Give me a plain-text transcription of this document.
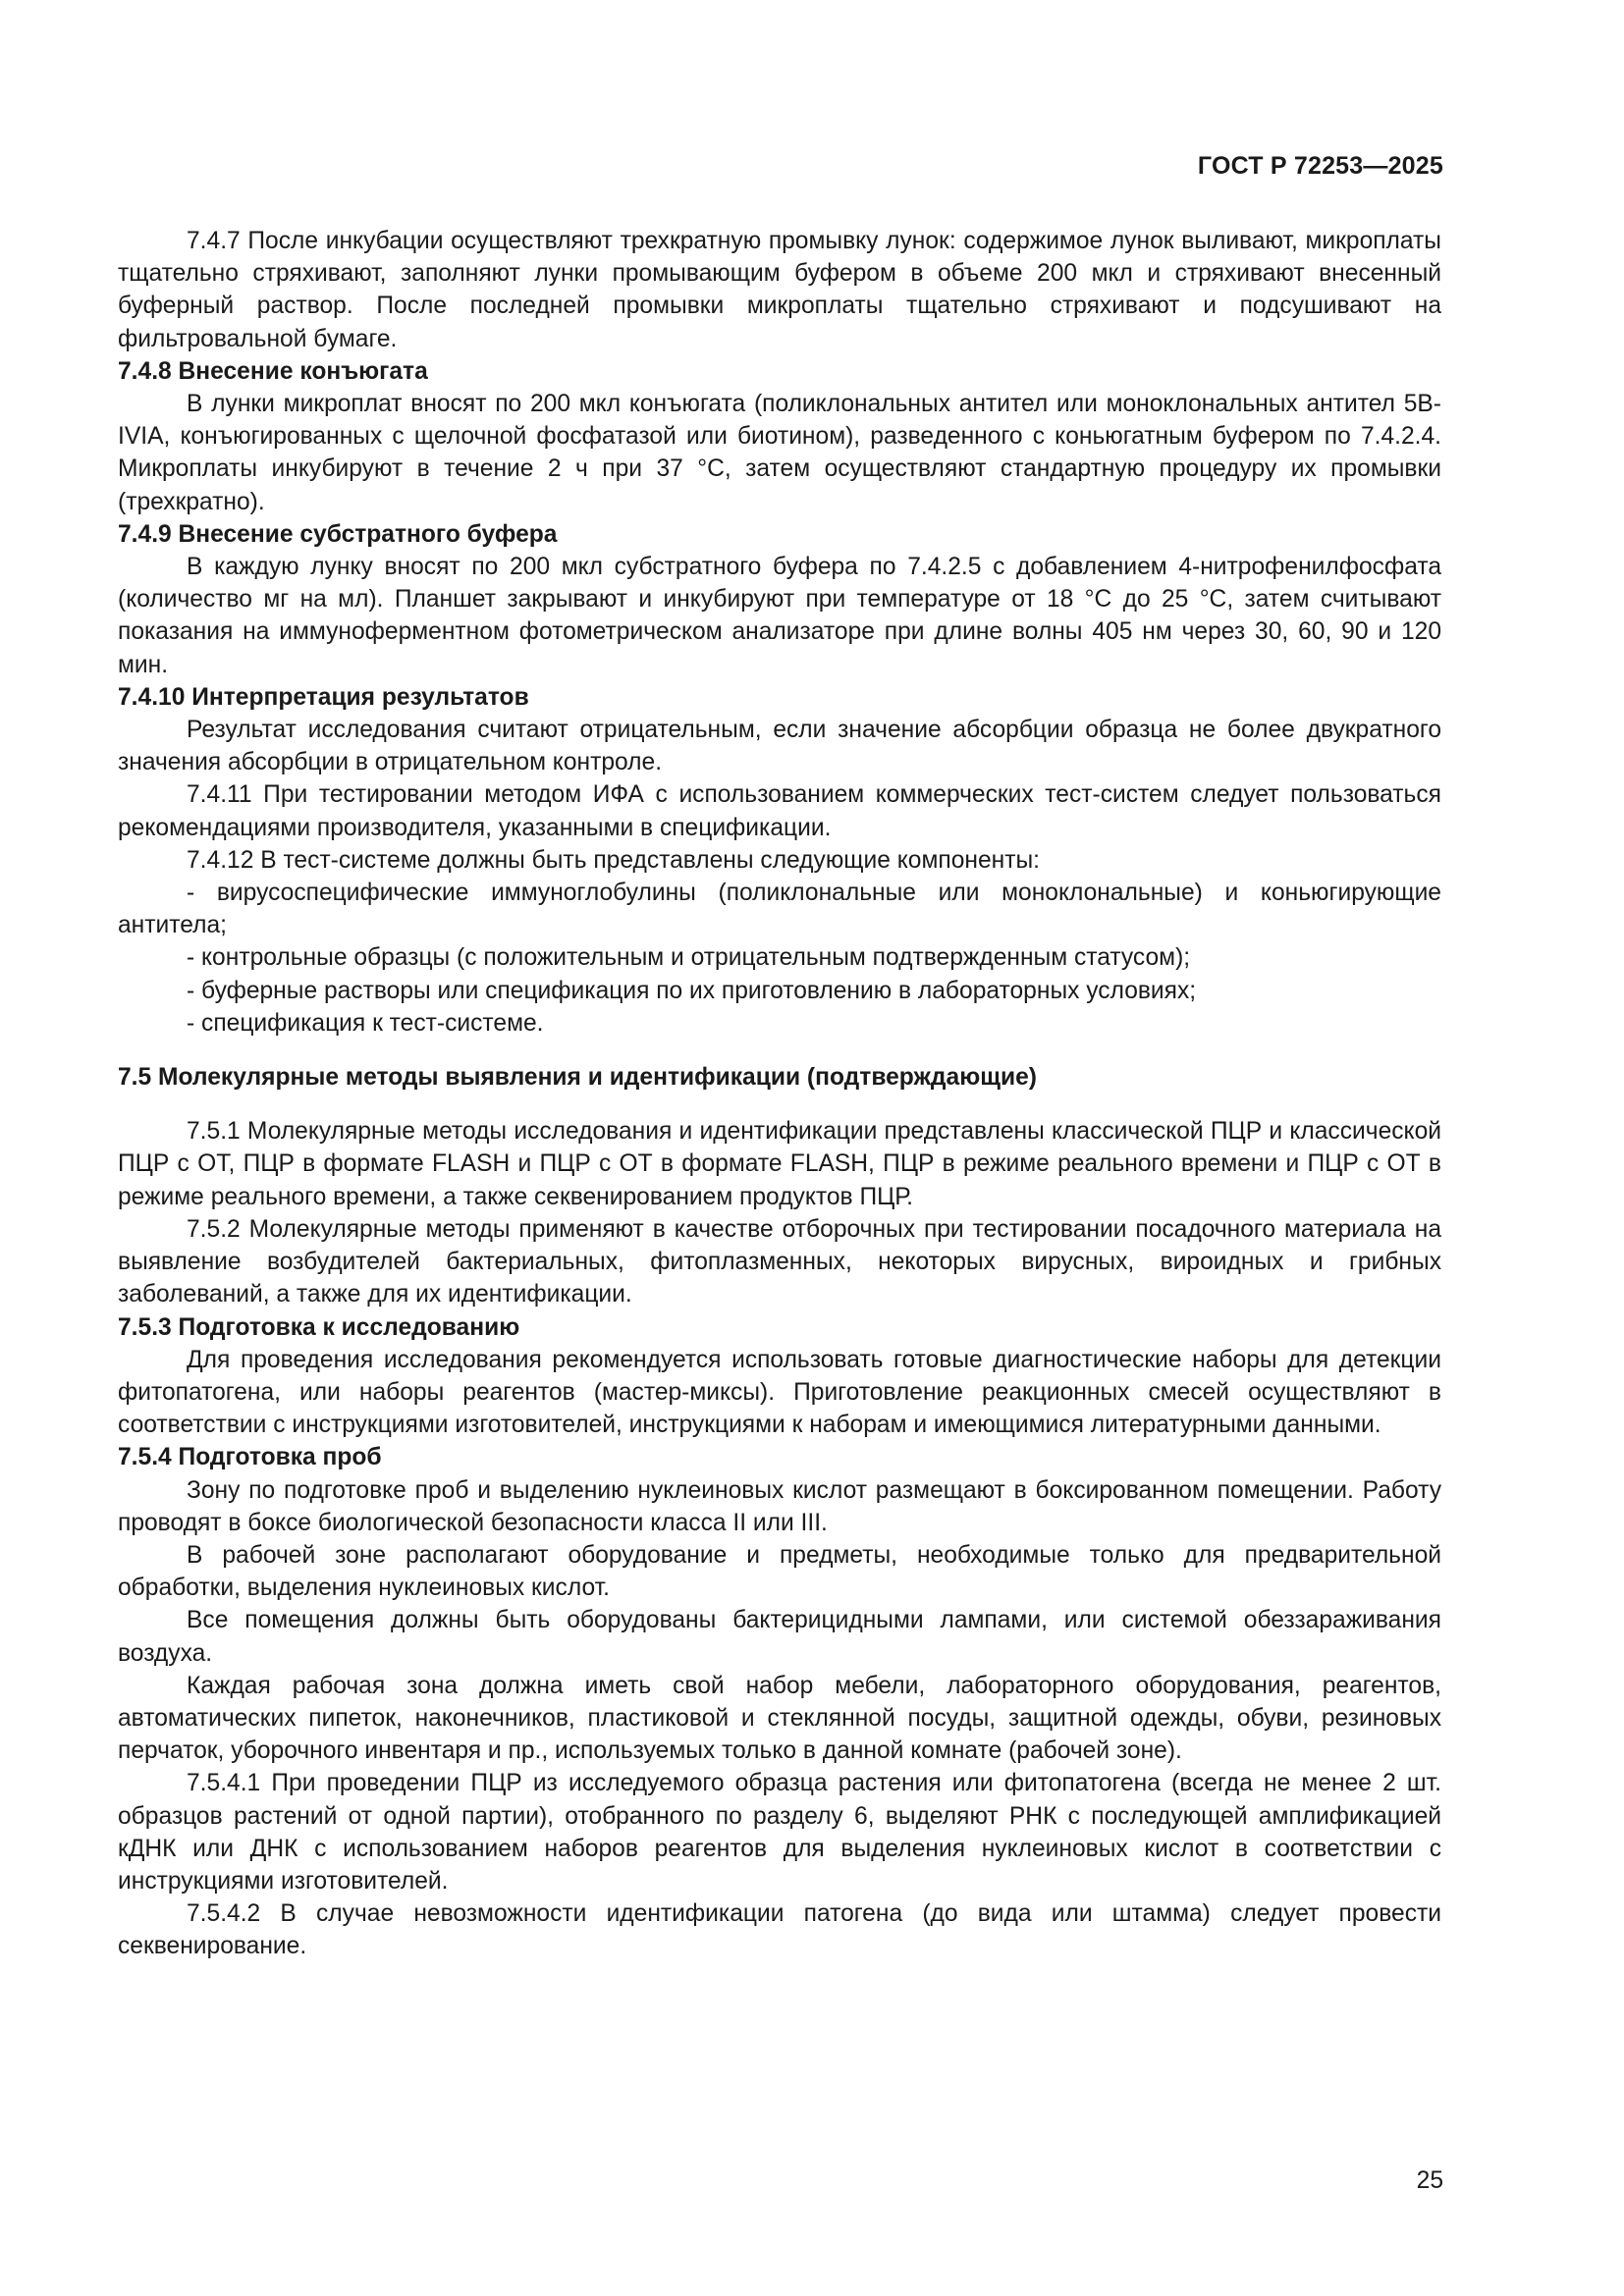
ГОСТ Р 72253—2025

7.4.7 После инкубации осуществляют трехкратную промывку лунок: содержимое лунок выливают, микроплаты тщательно стряхивают, заполняют лунки промывающим буфером в объеме 200 мкл и стряхивают внесенный буферный раствор. После последней промывки микроплаты тщательно стряхивают и подсушивают на фильтровальной бумаге.

7.4.8 Внесение конъюгата

В лунки микроплат вносят по 200 мкл конъюгата (поликлональных антител или моноклональных антител 5B-IVIA, конъюгированных с щелочной фосфатазой или биотином), разведенного с коньюгатным буфером по 7.4.2.4. Микроплаты инкубируют в течение 2 ч при 37 °С, затем осуществляют стандартную процедуру их промывки (трехкратно).

7.4.9 Внесение субстратного буфера

В каждую лунку вносят по 200 мкл субстратного буфера по 7.4.2.5 с добавлением 4-нитрофенилфосфата (количество мг на мл). Планшет закрывают и инкубируют при температуре от 18 °С до 25 °С, затем считывают показания на иммуноферментном фотометрическом анализаторе при длине волны 405 нм через 30, 60, 90 и 120 мин.

7.4.10 Интерпретация результатов

Результат исследования считают отрицательным, если значение абсорбции образца не более двукратного значения абсорбции в отрицательном контроле.

7.4.11 При тестировании методом ИФА с использованием коммерческих тест-систем следует пользоваться рекомендациями производителя, указанными в спецификации.

7.4.12 В тест-системе должны быть представлены следующие компоненты:

- вирусоспецифические иммуноглобулины (поликлональные или моноклональные) и коньюгирующие антитела;

- контрольные образцы (с положительным и отрицательным подтвержденным статусом);

- буферные растворы или спецификация по их приготовлению в лабораторных условиях;

- спецификация к тест-системе.

7.5 Молекулярные методы выявления и идентификации (подтверждающие)

7.5.1 Молекулярные методы исследования и идентификации представлены классической ПЦР и классической ПЦР с ОТ, ПЦР в формате FLASH и ПЦР с ОТ в формате FLASH, ПЦР в режиме реального времени и ПЦР с ОТ в режиме реального времени, а также секвенированием продуктов ПЦР.

7.5.2 Молекулярные методы применяют в качестве отборочных при тестировании посадочного материала на выявление возбудителей бактериальных, фитоплазменных, некоторых вирусных, вироидных и грибных заболеваний, а также для их идентификации.

7.5.3 Подготовка к исследованию

Для проведения исследования рекомендуется использовать готовые диагностические наборы для детекции фитопатогена, или наборы реагентов (мастер-миксы). Приготовление реакционных смесей осуществляют в соответствии с инструкциями изготовителей, инструкциями к наборам и имеющимися литературными данными.

7.5.4 Подготовка проб

Зону по подготовке проб и выделению нуклеиновых кислот размещают в боксированном помещении. Работу проводят в боксе биологической безопасности класса II или III.

В рабочей зоне располагают оборудование и предметы, необходимые только для предварительной обработки, выделения нуклеиновых кислот.

Все помещения должны быть оборудованы бактерицидными лампами, или системой обеззараживания воздуха.

Каждая рабочая зона должна иметь свой набор мебели, лабораторного оборудования, реагентов, автоматических пипеток, наконечников, пластиковой и стеклянной посуды, защитной одежды, обуви, резиновых перчаток, уборочного инвентаря и пр., используемых только в данной комнате (рабочей зоне).

7.5.4.1 При проведении ПЦР из исследуемого образца растения или фитопатогена (всегда не менее 2 шт. образцов растений от одной партии), отобранного по разделу 6, выделяют РНК с последующей амплификацией кДНК или ДНК с использованием наборов реагентов для выделения нуклеиновых кислот в соответствии с инструкциями изготовителей.

7.5.4.2 В случае невозможности идентификации патогена (до вида или штамма) следует провести секвенирование.

25
